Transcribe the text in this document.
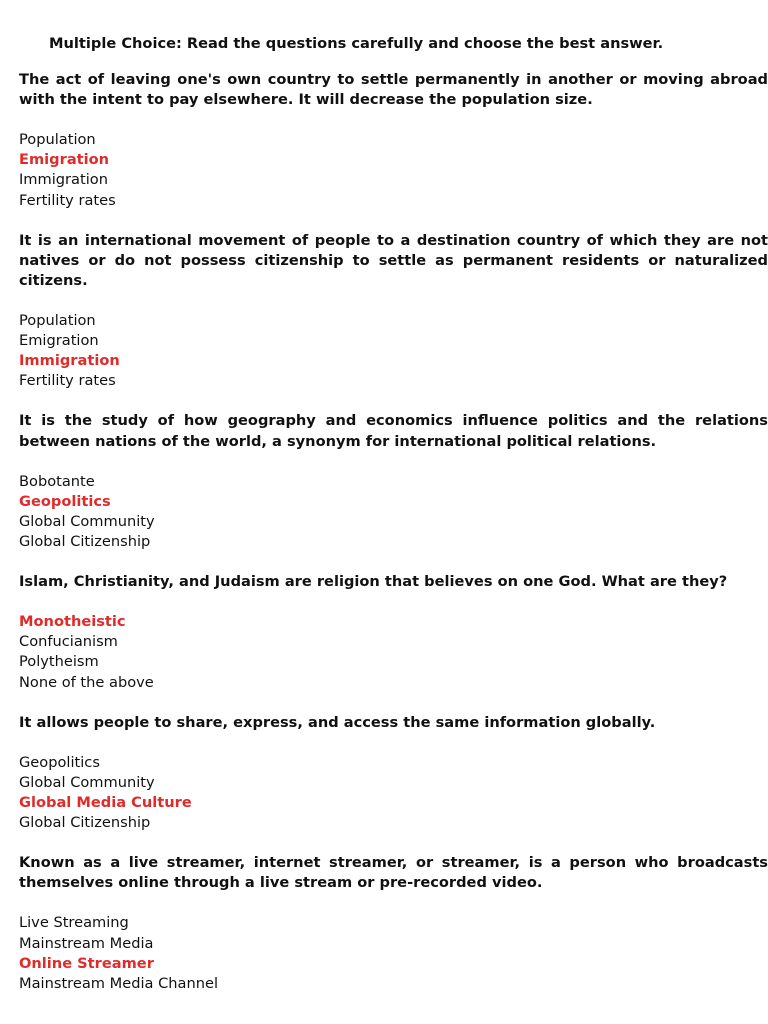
Multiple Choice: Read the questions carefully and choose the best answer.
The act of leaving one's own country to settle permanently in another or moving abroad with the intent to pay elsewhere. It will decrease the population size.
Population
Emigration
Immigration
Fertility rates
It is an international movement of people to a destination country of which they are not natives or do not possess citizenship to settle as permanent residents or naturalized citizens.
Population
Emigration
Immigration
Fertility rates
It is the study of how geography and economics influence politics and the relations between nations of the world, a synonym for international political relations.
Bobotante
Geopolitics
Global Community
Global Citizenship
Islam, Christianity, and Judaism are religion that believes on one God. What are they?
Monotheistic
Confucianism
Polytheism
None of the above
It allows people to share, express, and access the same information globally.
Geopolitics
Global Community
Global Media Culture
Global Citizenship
Known as a live streamer, internet streamer, or streamer, is a person who broadcasts themselves online through a live stream or pre-recorded video.
Live Streaming
Mainstream Media
Online Streamer
Mainstream Media Channel
